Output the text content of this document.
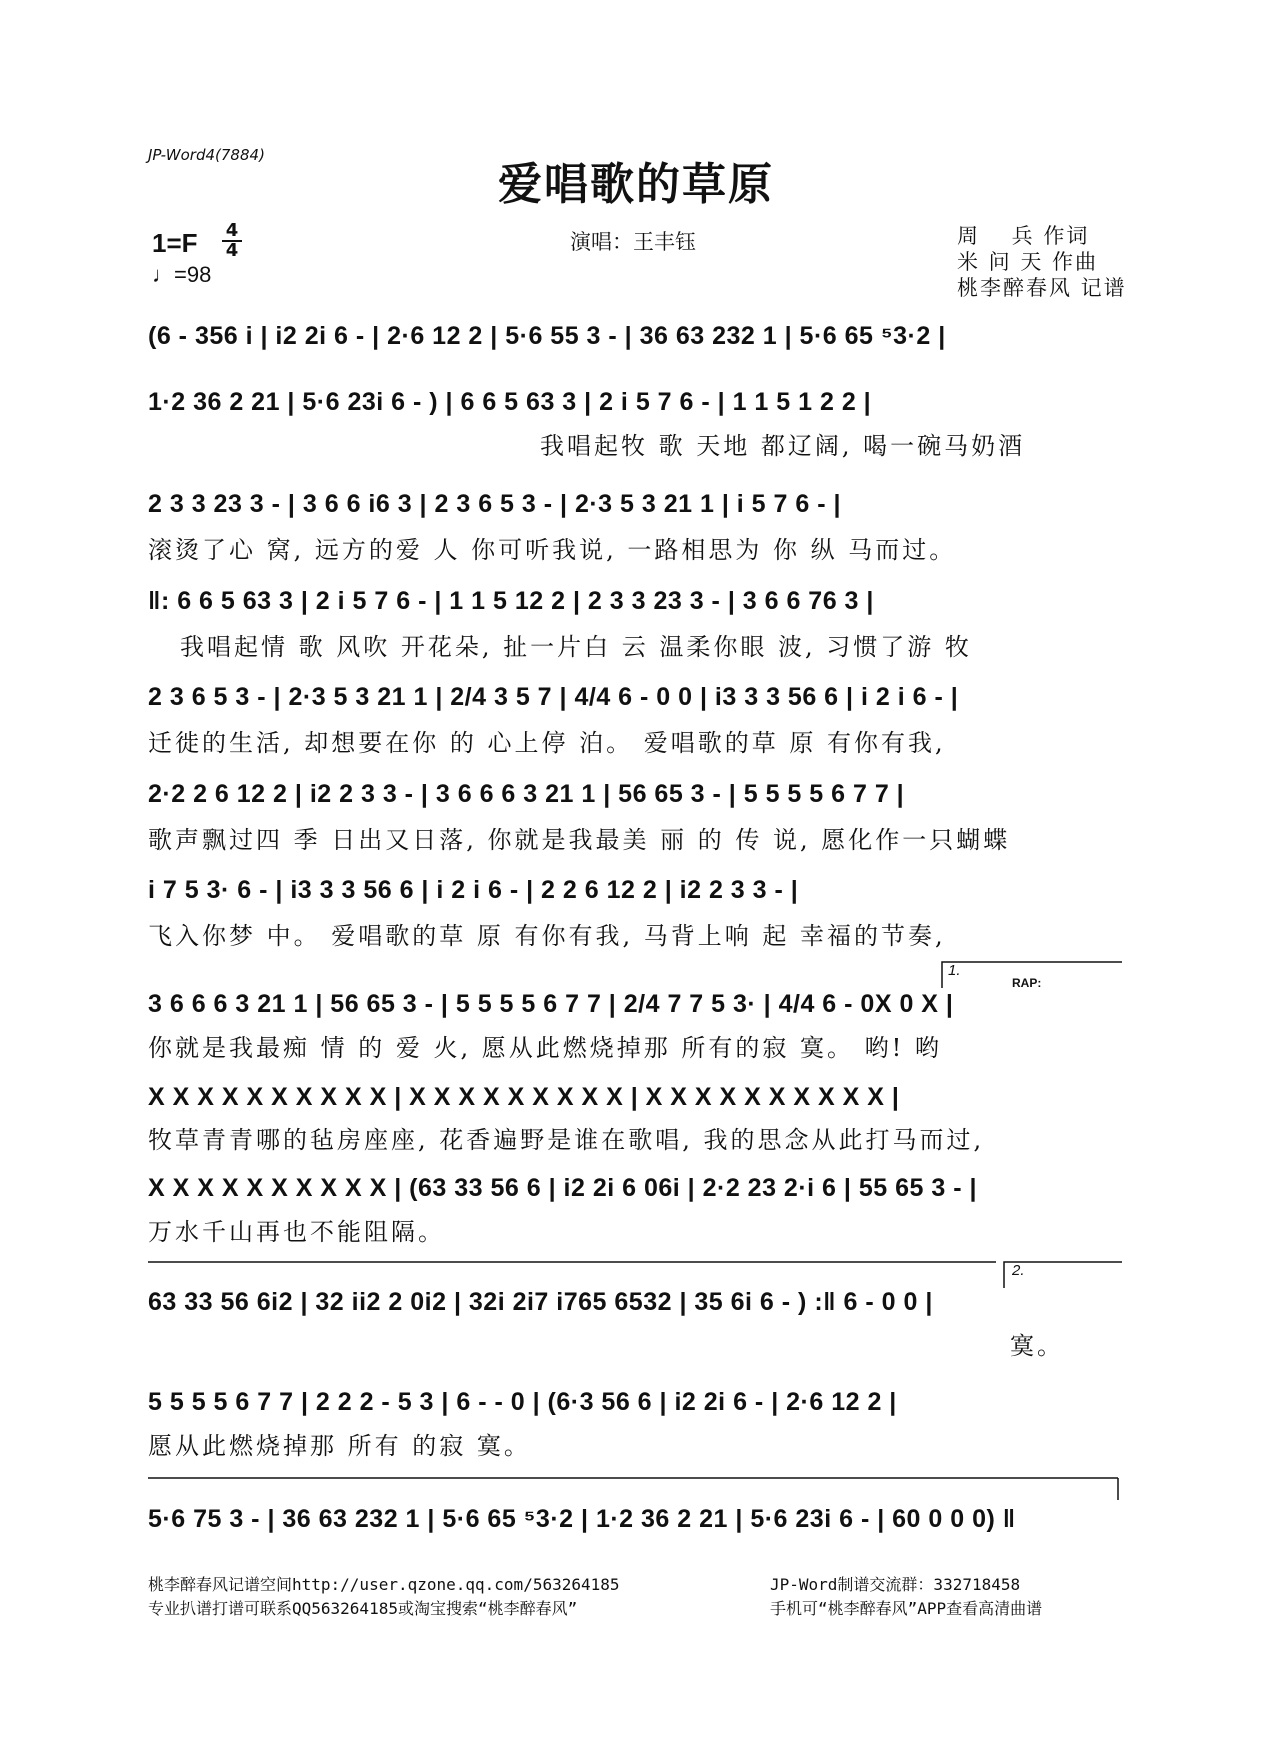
JP-Word4(7884)
爱唱歌的草原
1=F 4
4
♩=98
演唱：王丰钰	周　 兵 作词
米 问 天 作曲
桃李醉春风 记谱
(6 - 356 i | i2 2i 6 - | 2·6 12 2 | 5·6 55 3 - | 36 63 232 1 | 5·6 65 ⁵3·2 |
1·2 36 2 21 | 5·6 23i 6 - ) | 6 6 5 63 3 | 2 i 5 7 6 - | 1 1 5 1 2 2 |
我唱起牧 歌 天地 都辽阔, 喝一碗马奶酒
2 3 3 23 3 - | 3 6 6 i6 3 | 2 3 6 5 3 - | 2·3 5 3 21 1 | i 5 7 6 - |
滚烫了心 窝, 远方的爱 人 你可听我说, 一路相思为 你 纵 马而过。
‖: 6 6 5 63 3 | 2 i 5 7 6 - | 1 1 5 12 2 | 2 3 3 23 3 - | 3 6 6 76 3 |
我唱起情 歌 风吹 开花朵, 扯一片白 云 温柔你眼 波, 习惯了游 牧
2 3 6 5 3 - | 2·3 5 3 21 1 | 2/4 3 5 7 | 4/4 6 - 0 0 | i3 3 3 56 6 | i 2 i 6 - |
迁徙的生活, 却想要在你 的 心上停 泊。 爱唱歌的草 原 有你有我,
2·2 2 6 12 2 | i2 2 3 3 - | 3 6 6 6 3 21 1 | 56 65 3 - | 5 5 5 5 6 7 7 |
歌声飘过四 季 日出又日落, 你就是我最美 丽 的 传 说, 愿化作一只蝴蝶
i 7 5 3· 6 - | i3 3 3 56 6 | i 2 i 6 - | 2 2 6 12 2 | i2 2 3 3 - |
飞入你梦 中。 爱唱歌的草 原 有你有我, 马背上响 起 幸福的节奏,
1.
RAP:
3 6 6 6 3 21 1 | 56 65 3 - | 5 5 5 5 6 7 7 | 2/4 7 7 5 3· | 4/4 6 - 0X 0 X |
你就是我最痴 情 的 爱 火, 愿从此燃烧掉那 所有的寂 寞。 哟! 哟
X X X X X X X X X X | X X X X X X X X X | X X X X X X X X X X |
牧草青青哪的毡房座座, 花香遍野是谁在歌唱, 我的思念从此打马而过,
X X X X X X X X X X | (63 33 56 6 | i2 2i 6 06i | 2·2 23 2·i 6 | 55 65 3 - |
万水千山再也不能阻隔。
2.
63 33 56 6i2 | 32 ii2 2 0i2 | 32i 2i7 i765 6532 | 35 6i 6 - ) :‖ 6 - 0 0 |
寞。
5 5 5 5 6 7 7 | 2 2 2 - 5 3 | 6 - - 0 | (6·3 56 6 | i2 2i 6 - | 2·6 12 2 |
愿从此燃烧掉那 所有 的寂 寞。
5·6 75 3 - | 36 63 232 1 | 5·6 65 ⁵3·2 | 1·2 36 2 21 | 5·6 23i 6 - | 60 0 0 0) ‖
桃李醉春风记谱空间http://user.qzone.qq.com/563264185
专业扒谱打谱可联系QQ563264185或淘宝搜索“桃李醉春风”
JP-Word制谱交流群：332718458
手机可“桃李醉春风”APP查看高清曲谱
